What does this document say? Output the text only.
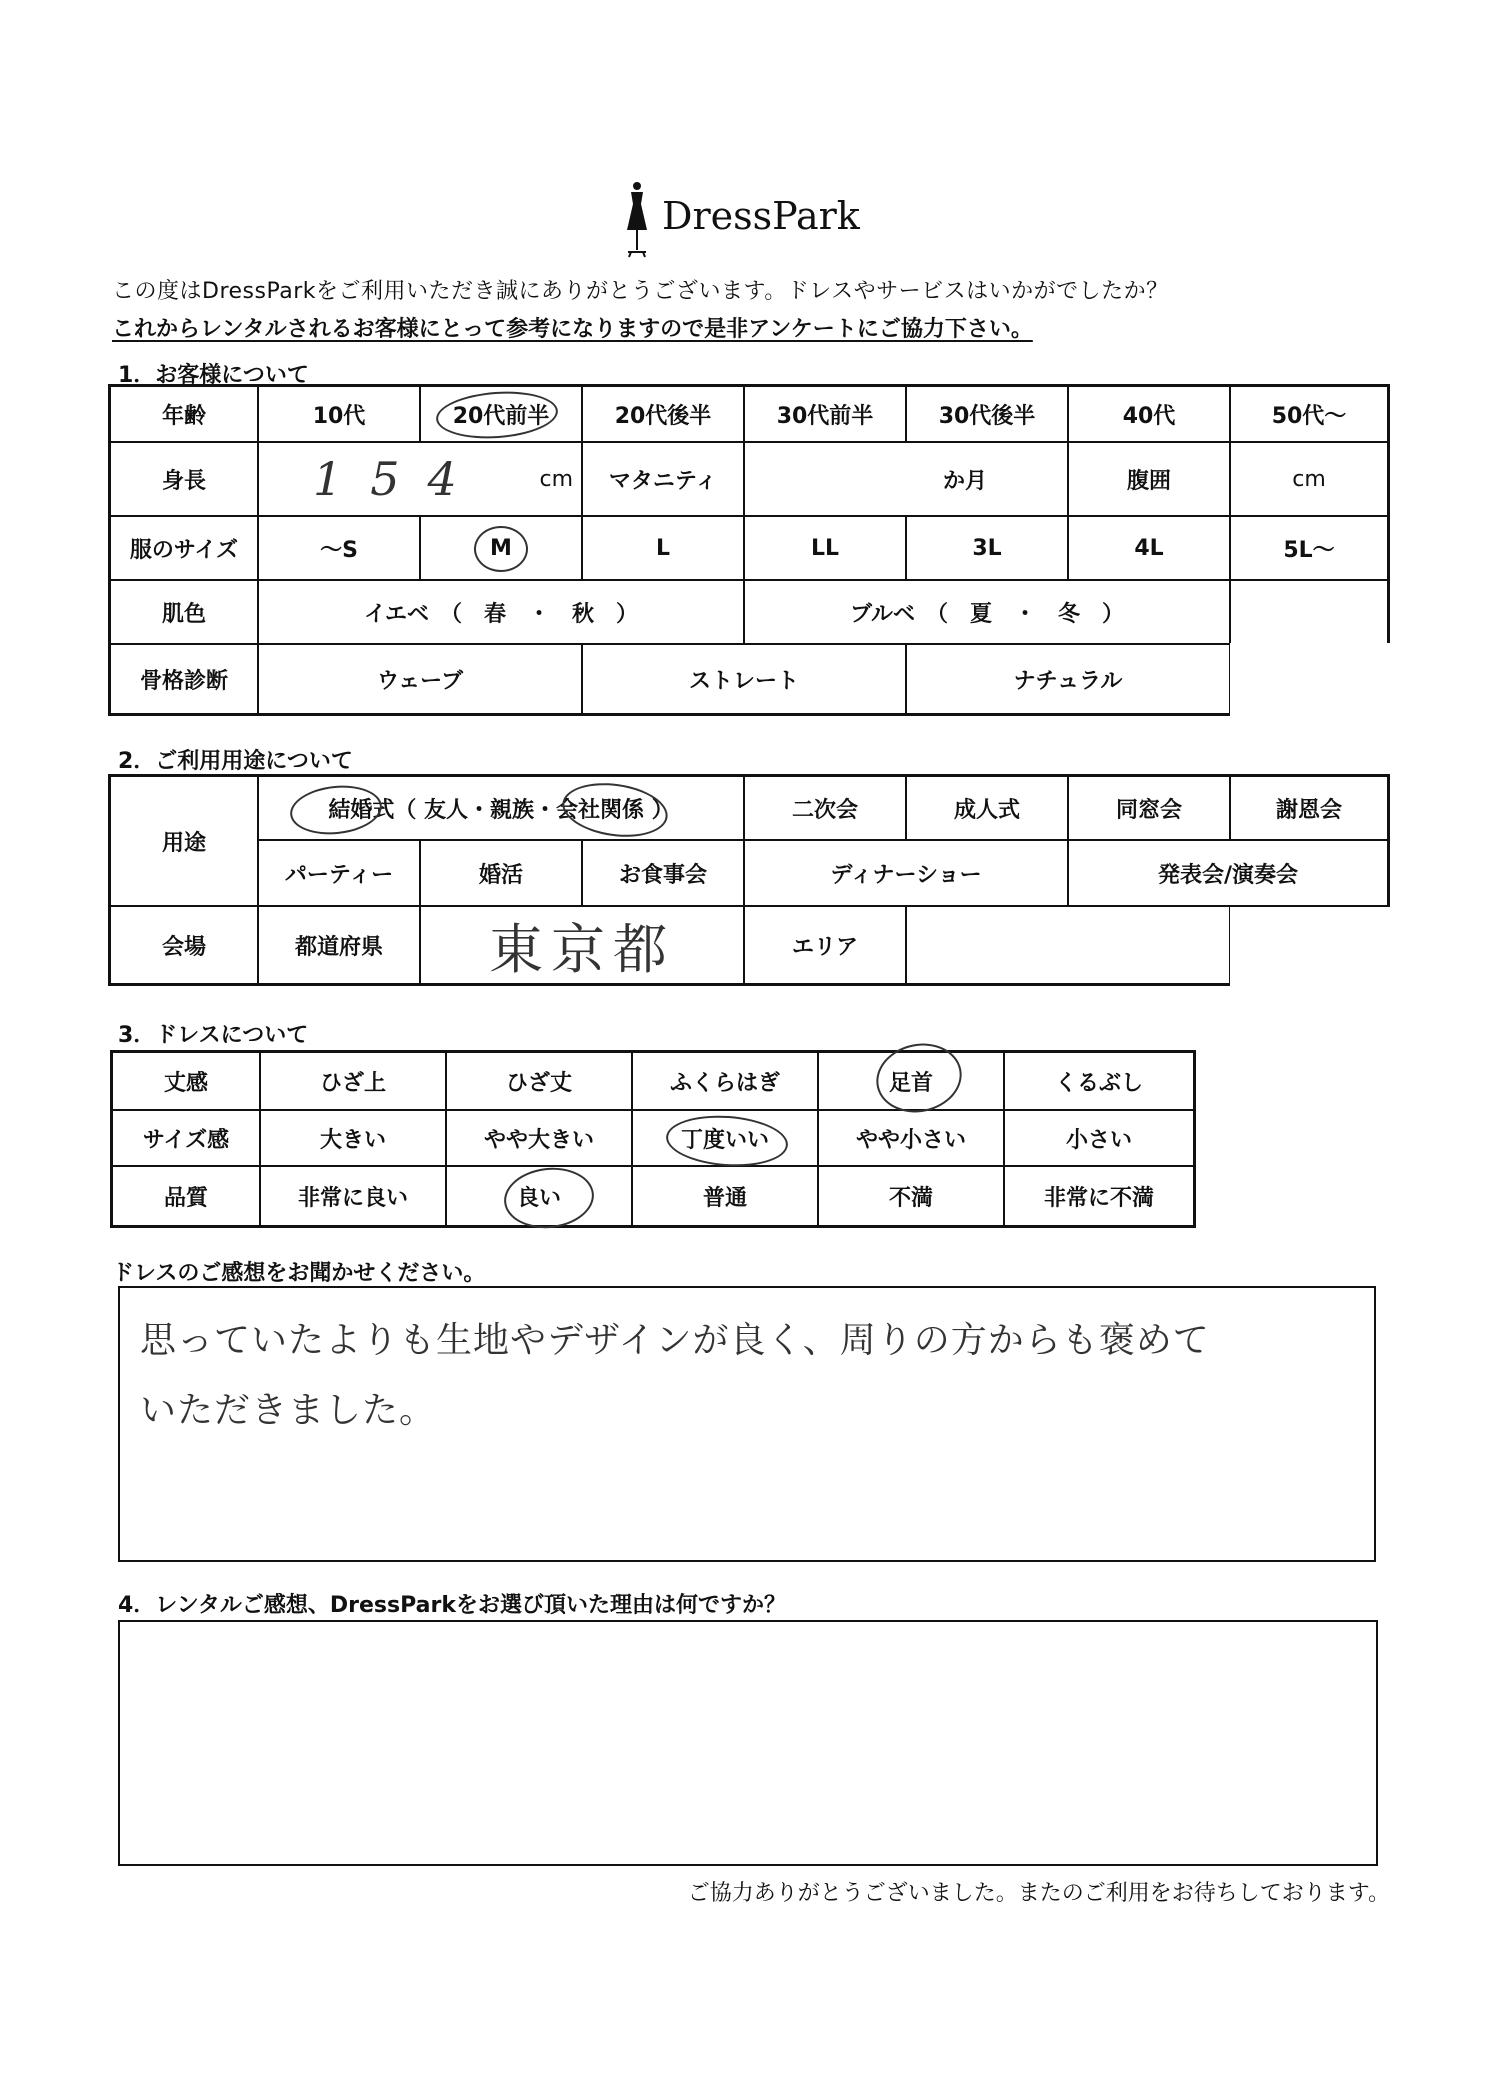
DressPark
この度はDressParkをご利用いただき誠にありがとうございます。ドレスやサービスはいかがでしたか？
これからレンタルされるお客様にとって参考になりますので是非アンケートにご協力下さい。
1．お客様について
年齢	10代	20代前半	20代後半	30代前半	30代後半	40代	50代～
身長	154 cm	マタニティ	か月	腹囲	cm
服のサイズ	～S	M	L	LL	3L	4L	5L～
肌色	イエベ　（　春　・　秋　）	ブルベ　（　夏　・　冬　）
骨格診断	ウェーブ	ストレート	ナチュラル
2．ご利用用途について
用途
結婚式（ 友人・親族・会社関係 ）	二次会	成人式	同窓会	謝恩会
パーティー	婚活	お食事会	ディナーショー	発表会/演奏会
会場	都道府県	東京都	エリア
3．ドレスについて
丈感	ひざ上	ひざ丈	ふくらはぎ	足首	くるぶし
サイズ感	大きい	やや大きい	丁度いい	やや小さい	小さい
品質	非常に良い	良い	普通	不満	非常に不満
ドレスのご感想をお聞かせください。
思っていたよりも生地やデザインが良く、周りの方からも褒めて
いただきました。
4．レンタルご感想、DressParkをお選び頂いた理由は何ですか？
ご協力ありがとうございました。またのご利用をお待ちしております。
